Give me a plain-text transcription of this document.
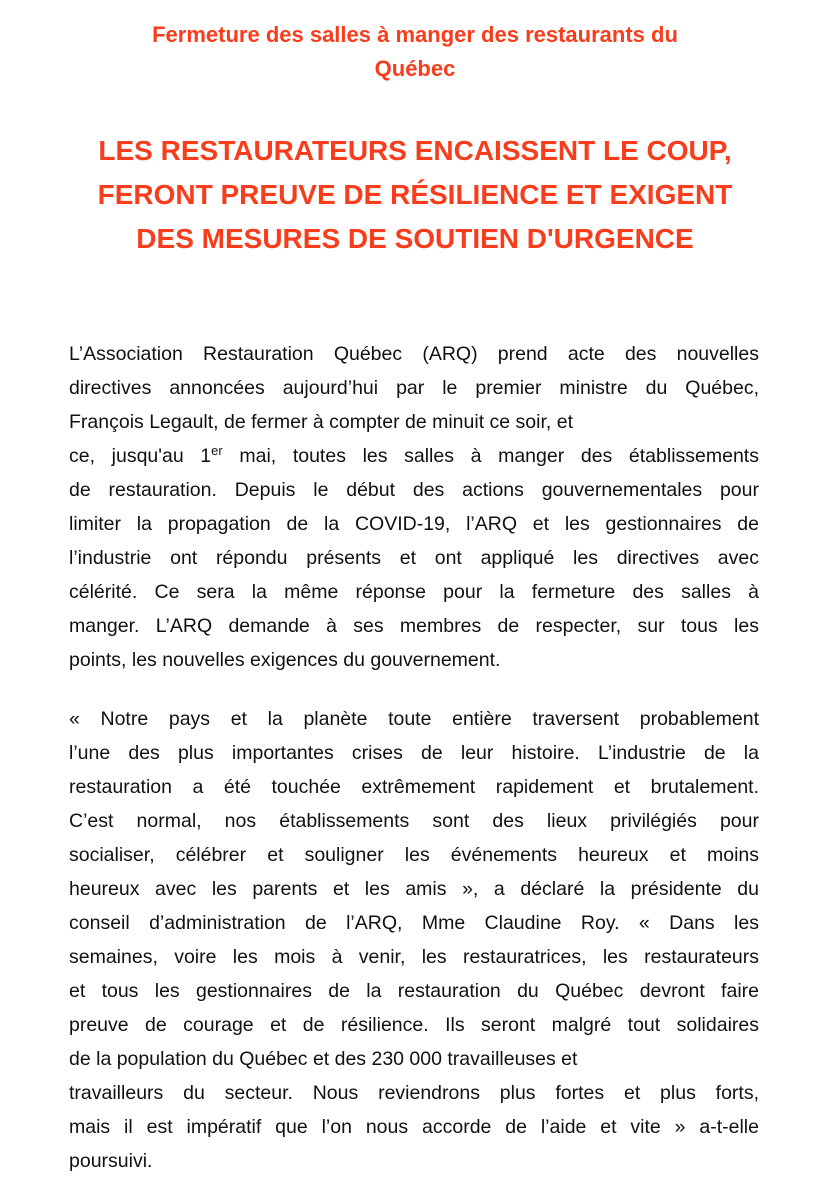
Fermeture des salles à manger des restaurants du
Québec
LES RESTAURATEURS ENCAISSENT LE COUP,
FERONT PREUVE DE RÉSILIENCE ET EXIGENT
DES MESURES DE SOUTIEN D'URGENCE
L’Association Restauration Québec (ARQ) prend acte des nouvelles
directives annoncées aujourd’hui par le premier ministre du Québec,
François Legault, de fermer à compter de minuit ce soir, et
ce, jusqu'au 1er mai, toutes les salles à manger des établissements
de restauration. Depuis le début des actions gouvernementales pour
limiter la propagation de la COVID-19, l’ARQ et les gestionnaires de
l’industrie ont répondu présents et ont appliqué les directives avec
célérité. Ce sera la même réponse pour la fermeture des salles à
manger. L’ARQ demande à ses membres de respecter, sur tous les
points, les nouvelles exigences du gouvernement.
« Notre pays et la planète toute entière traversent probablement
l’une des plus importantes crises de leur histoire. L’industrie de la
restauration a été touchée extrêmement rapidement et brutalement.
C’est normal, nos établissements sont des lieux privilégiés pour
socialiser, célébrer et souligner les événements heureux et moins
heureux avec les parents et les amis », a déclaré la présidente du
conseil d’administration de l’ARQ, Mme Claudine Roy. « Dans les
semaines, voire les mois à venir, les restauratrices, les restaurateurs
et tous les gestionnaires de la restauration du Québec devront faire
preuve de courage et de résilience. Ils seront malgré tout solidaires
de la population du Québec et des 230 000 travailleuses et
travailleurs du secteur. Nous reviendrons plus fortes et plus forts,
mais il est impératif que l’on nous accorde de l’aide et vite » a-t-elle
poursuivi.
